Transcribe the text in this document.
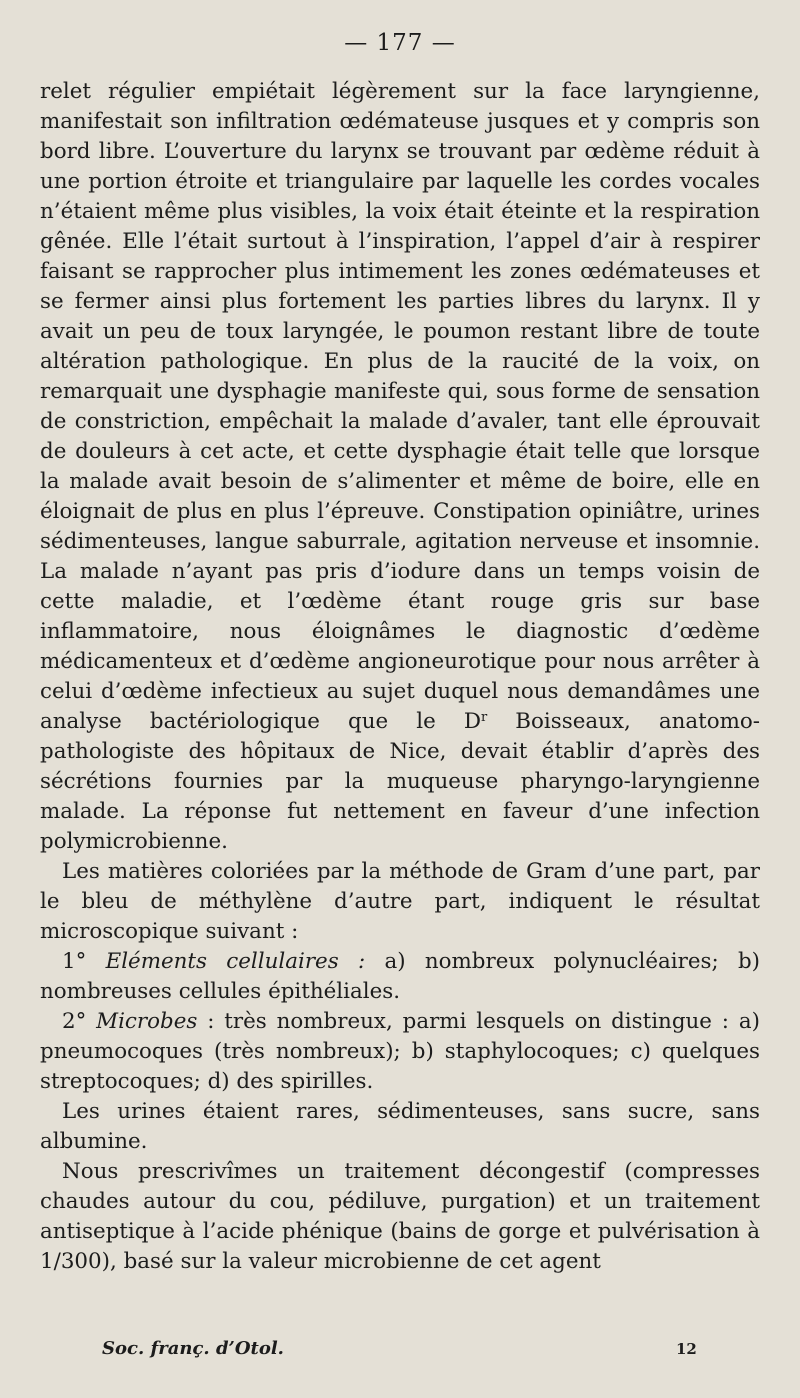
— 177 —

relet régulier empiétait légèrement sur la face laryngienne, manifestait son infiltration œdémateuse jusques et y compris son bord libre. L’ouverture du larynx se trouvant par œdème réduit à une portion étroite et triangulaire par laquelle les cordes vocales n’étaient même plus visibles, la voix était éteinte et la respiration gênée. Elle l’était surtout à l’inspiration, l’appel d’air à respirer faisant se rapprocher plus intimement les zones œdémateuses et se fermer ainsi plus fortement les parties libres du larynx. Il y avait un peu de toux laryngée, le poumon restant libre de toute altération pathologique. En plus de la raucité de la voix, on remarquait une dysphagie manifeste qui, sous forme de sensation de constriction, empêchait la malade d’avaler, tant elle éprouvait de douleurs à cet acte, et cette dysphagie était telle que lorsque la malade avait besoin de s’alimenter et même de boire, elle en éloignait de plus en plus l’épreuve. Constipation opiniâtre, urines sédimenteuses, langue saburrale, agitation nerveuse et insomnie. La malade n’ayant pas pris d’iodure dans un temps voisin de cette maladie, et l’œdème étant rouge gris sur base inflammatoire, nous éloignâmes le diagnostic d’œdème médicamenteux et d’œdème angioneurotique pour nous arrêter à celui d’œdème infectieux au sujet duquel nous demandâmes une analyse bactériologique que le $D^r$ Boisseaux, anatomo-pathologiste des hôpitaux de Nice, devait établir d’après des sécrétions fournies par la muqueuse pharyngo-laryngienne malade. La réponse fut nettement en faveur d’une infection polymicrobienne.

Les matières coloriées par la méthode de Gram d’une part, par le bleu de méthylène d’autre part, indiquent le résultat microscopique suivant :

1° Eléments cellulaires : a) nombreux polynucléaires; b) nombreuses cellules épithéliales.

2° Microbes : très nombreux, parmi lesquels on distingue : a) pneumocoques (très nombreux); b) staphylocoques; c) quelques streptocoques; d) des spirilles.

Les urines étaient rares, sédimenteuses, sans sucre, sans albumine.

Nous prescrivîmes un traitement décongestif (compresses chaudes autour du cou, pédiluve, purgation) et un traitement antiseptique à l’acide phénique (bains de gorge et pulvérisation à 1/300), basé sur la valeur microbienne de cet agent

Soc. franç. d’Otol.	12
